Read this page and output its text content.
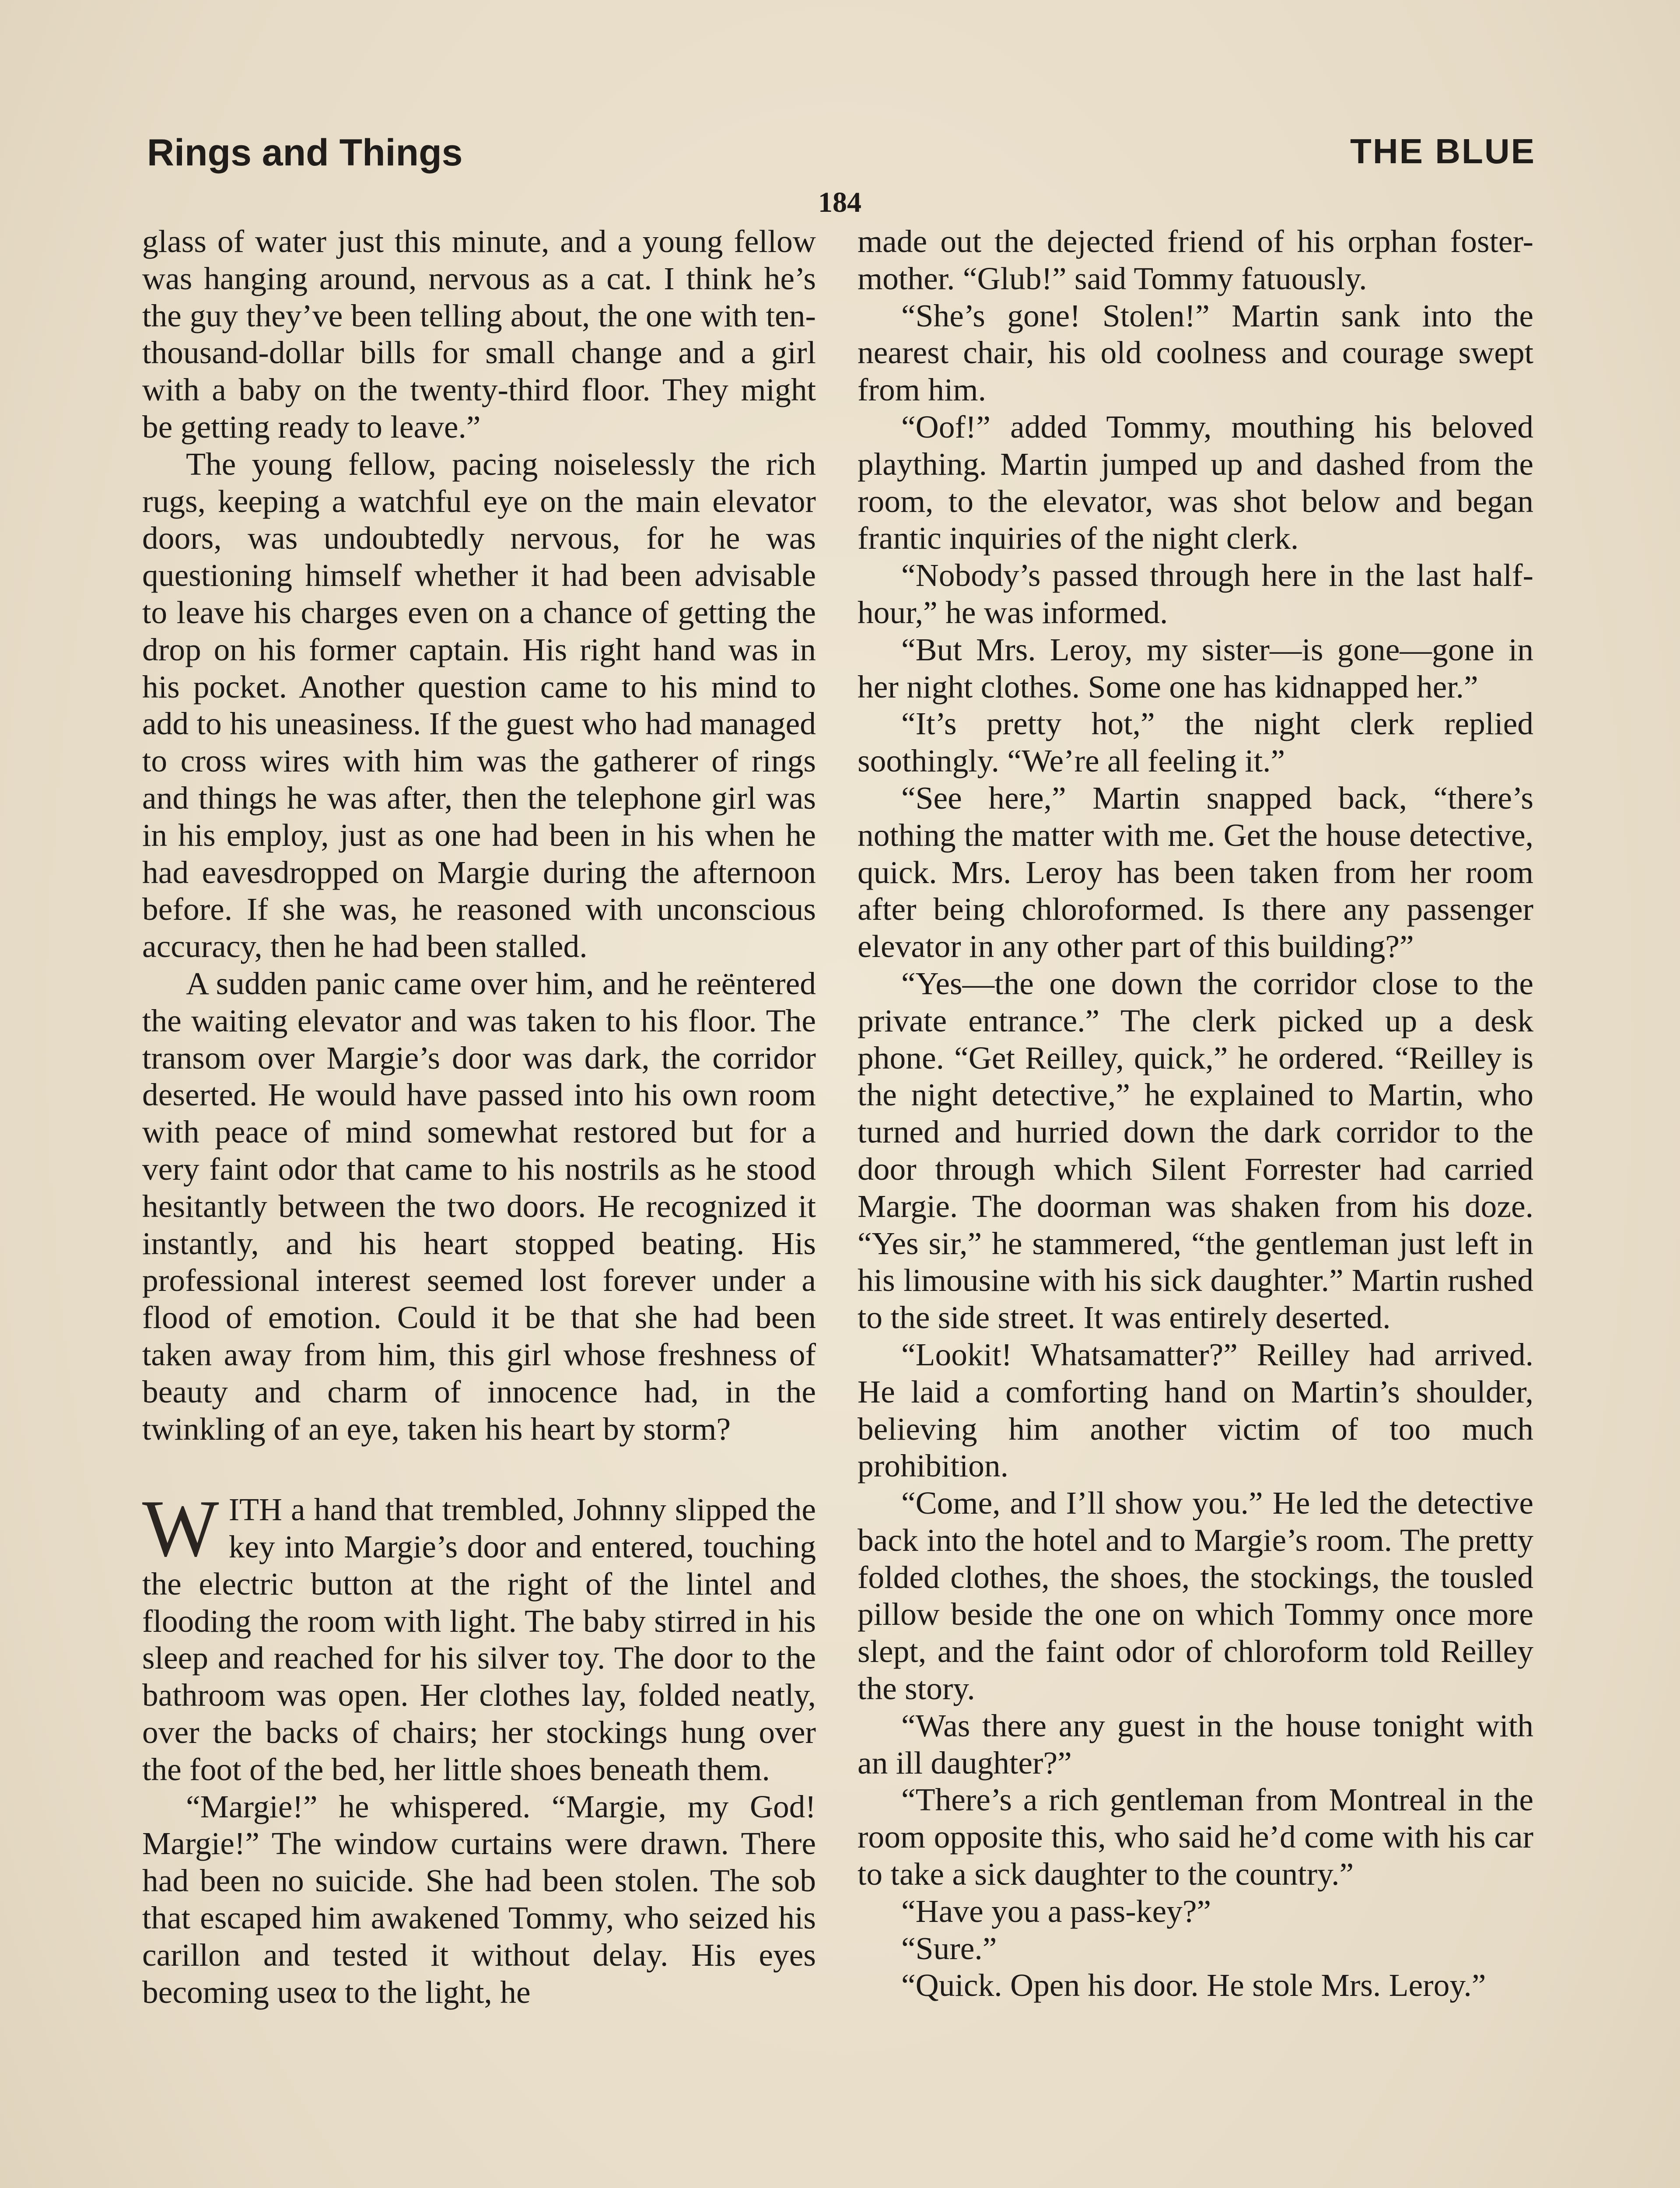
Rings and Things	THE BLUE
184

glass of water just this minute, and a young fellow was hanging around, nervous as a cat. I think he’s the guy they’ve been telling about, the one with ten-thousand-dollar bills for small change and a girl with a baby on the twenty-third floor. They might be getting ready to leave.”

The young fellow, pacing noiselessly the rich rugs, keeping a watchful eye on the main elevator doors, was undoubtedly nervous, for he was questioning himself whether it had been advisable to leave his charges even on a chance of getting the drop on his former captain. His right hand was in his pocket. Another question came to his mind to add to his uneasiness. If the guest who had managed to cross wires with him was the gatherer of rings and things he was after, then the telephone girl was in his employ, just as one had been in his when he had eavesdropped on Margie during the afternoon before. If she was, he reasoned with unconscious accuracy, then he had been stalled.

A sudden panic came over him, and he reëntered the waiting elevator and was taken to his floor. The transom over Margie’s door was dark, the corridor deserted. He would have passed into his own room with peace of mind somewhat restored but for a very faint odor that came to his nostrils as he stood hesitantly between the two doors. He recognized it instantly, and his heart stopped beating. His professional interest seemed lost forever under a flood of emotion. Could it be that she had been taken away from him, this girl whose freshness of beauty and charm of innocence had, in the twinkling of an eye, taken his heart by storm?

WITH a hand that trembled, Johnny slipped the key into Margie’s door and entered, touching the electric button at the right of the lintel and flooding the room with light. The baby stirred in his sleep and reached for his silver toy. The door to the bathroom was open. Her clothes lay, folded neatly, over the backs of chairs; her stockings hung over the foot of the bed, her little shoes beneath them.

“Margie!” he whispered. “Margie, my God! Margie!” The window curtains were drawn. There had been no suicide. She had been stolen. The sob that escaped him awakened Tommy, who seized his carillon and tested it without delay. His eyes becoming useα to the light, he

made out the dejected friend of his orphan foster-mother. “Glub!” said Tommy fatuously.

“She’s gone! Stolen!” Martin sank into the nearest chair, his old coolness and courage swept from him.

“Oof!” added Tommy, mouthing his beloved plaything. Martin jumped up and dashed from the room, to the elevator, was shot below and began frantic inquiries of the night clerk.

“Nobody’s passed through here in the last half-hour,” he was informed.

“But Mrs. Leroy, my sister—is gone—gone in her night clothes. Some one has kidnapped her.”

“It’s pretty hot,” the night clerk replied soothingly. “We’re all feeling it.”

“See here,” Martin snapped back, “there’s nothing the matter with me. Get the house detective, quick. Mrs. Leroy has been taken from her room after being chloroformed. Is there any passenger elevator in any other part of this building?”

“Yes—the one down the corridor close to the private entrance.” The clerk picked up a desk phone. “Get Reilley, quick,” he ordered. “Reilley is the night detective,” he explained to Martin, who turned and hurried down the dark corridor to the door through which Silent Forrester had carried Margie. The doorman was shaken from his doze. “Yes sir,” he stammered, “the gentleman just left in his limousine with his sick daughter.” Martin rushed to the side street. It was entirely deserted.

“Lookit! Whatsamatter?” Reilley had arrived. He laid a comforting hand on Martin’s shoulder, believing him another victim of too much prohibition.

“Come, and I’ll show you.” He led the detective back into the hotel and to Margie’s room. The pretty folded clothes, the shoes, the stockings, the tousled pillow beside the one on which Tommy once more slept, and the faint odor of chloroform told Reilley the story.

“Was there any guest in the house tonight with an ill daughter?”

“There’s a rich gentleman from Montreal in the room opposite this, who said he’d come with his car to take a sick daughter to the country.”

“Have you a pass-key?”

“Sure.”

“Quick. Open his door. He stole Mrs. Leroy.”
